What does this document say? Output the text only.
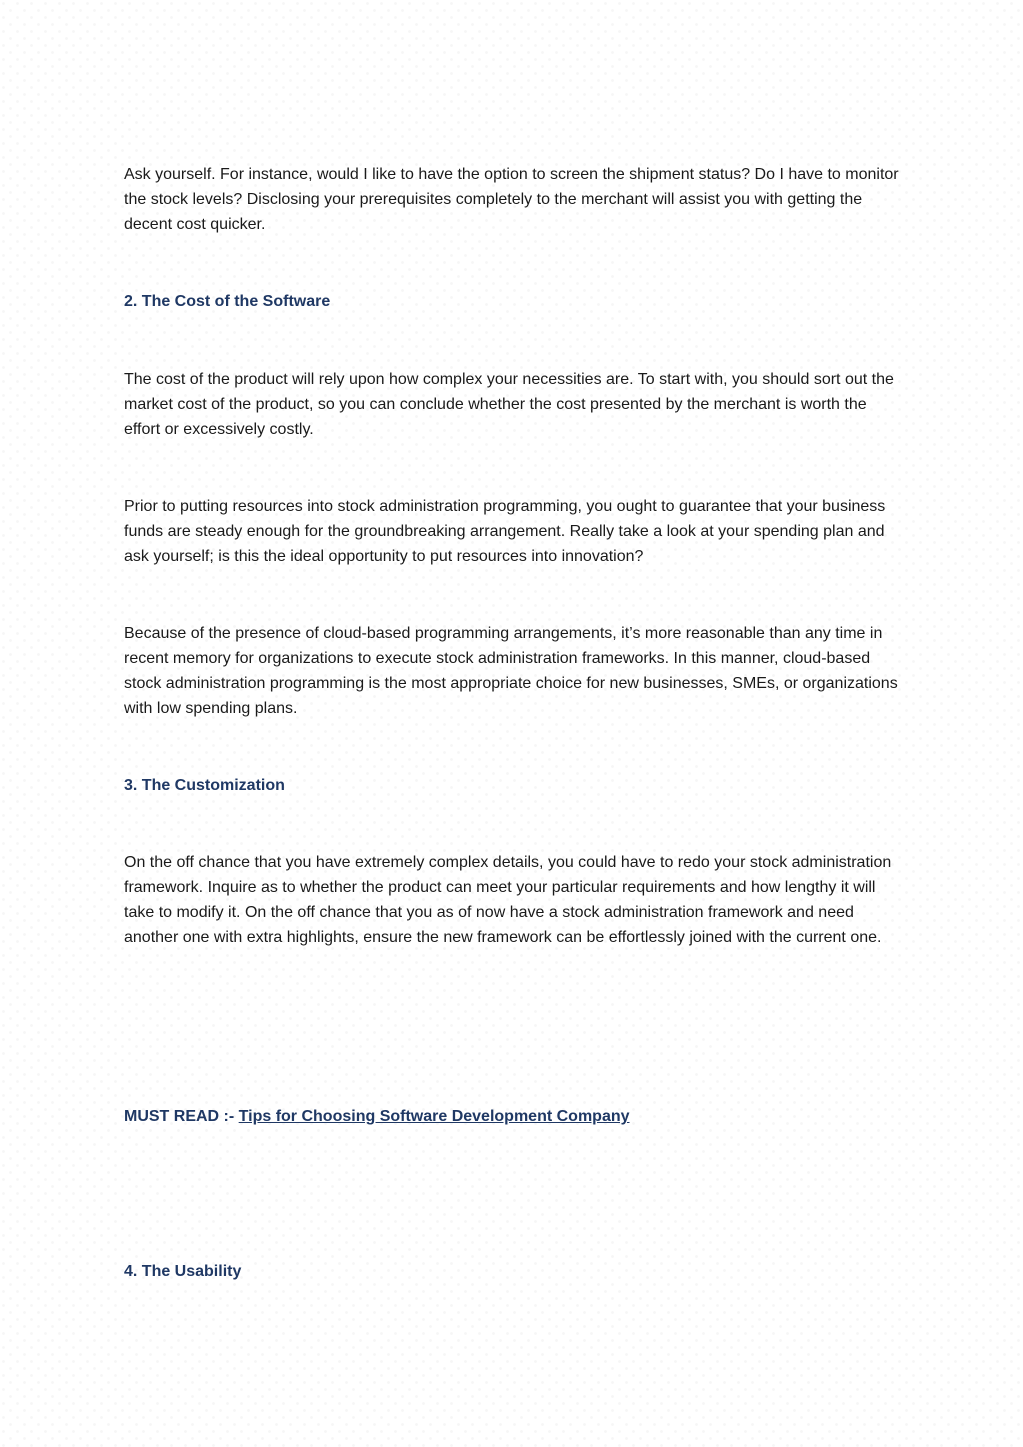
Ask yourself. For instance, would I like to have the option to screen the shipment status? Do I have to monitor the stock levels? Disclosing your prerequisites completely to the merchant will assist you with getting the decent cost quicker.

2. The Cost of the Software

The cost of the product will rely upon how complex your necessities are. To start with, you should sort out the market cost of the product, so you can conclude whether the cost presented by the merchant is worth the effort or excessively costly.

Prior to putting resources into stock administration programming, you ought to guarantee that your business funds are steady enough for the groundbreaking arrangement. Really take a look at your spending plan and ask yourself; is this the ideal opportunity to put resources into innovation?

Because of the presence of cloud-based programming arrangements, it’s more reasonable than any time in recent memory for organizations to execute stock administration frameworks. In this manner, cloud-based stock administration programming is the most appropriate choice for new businesses, SMEs, or organizations with low spending plans.

3. The Customization

On the off chance that you have extremely complex details, you could have to redo your stock administration framework. Inquire as to whether the product can meet your particular requirements and how lengthy it will take to modify it. On the off chance that you as of now have a stock administration framework and need another one with extra highlights, ensure the new framework can be effortlessly joined with the current one.

MUST READ :- Tips for Choosing Software Development Company

4. The Usability
